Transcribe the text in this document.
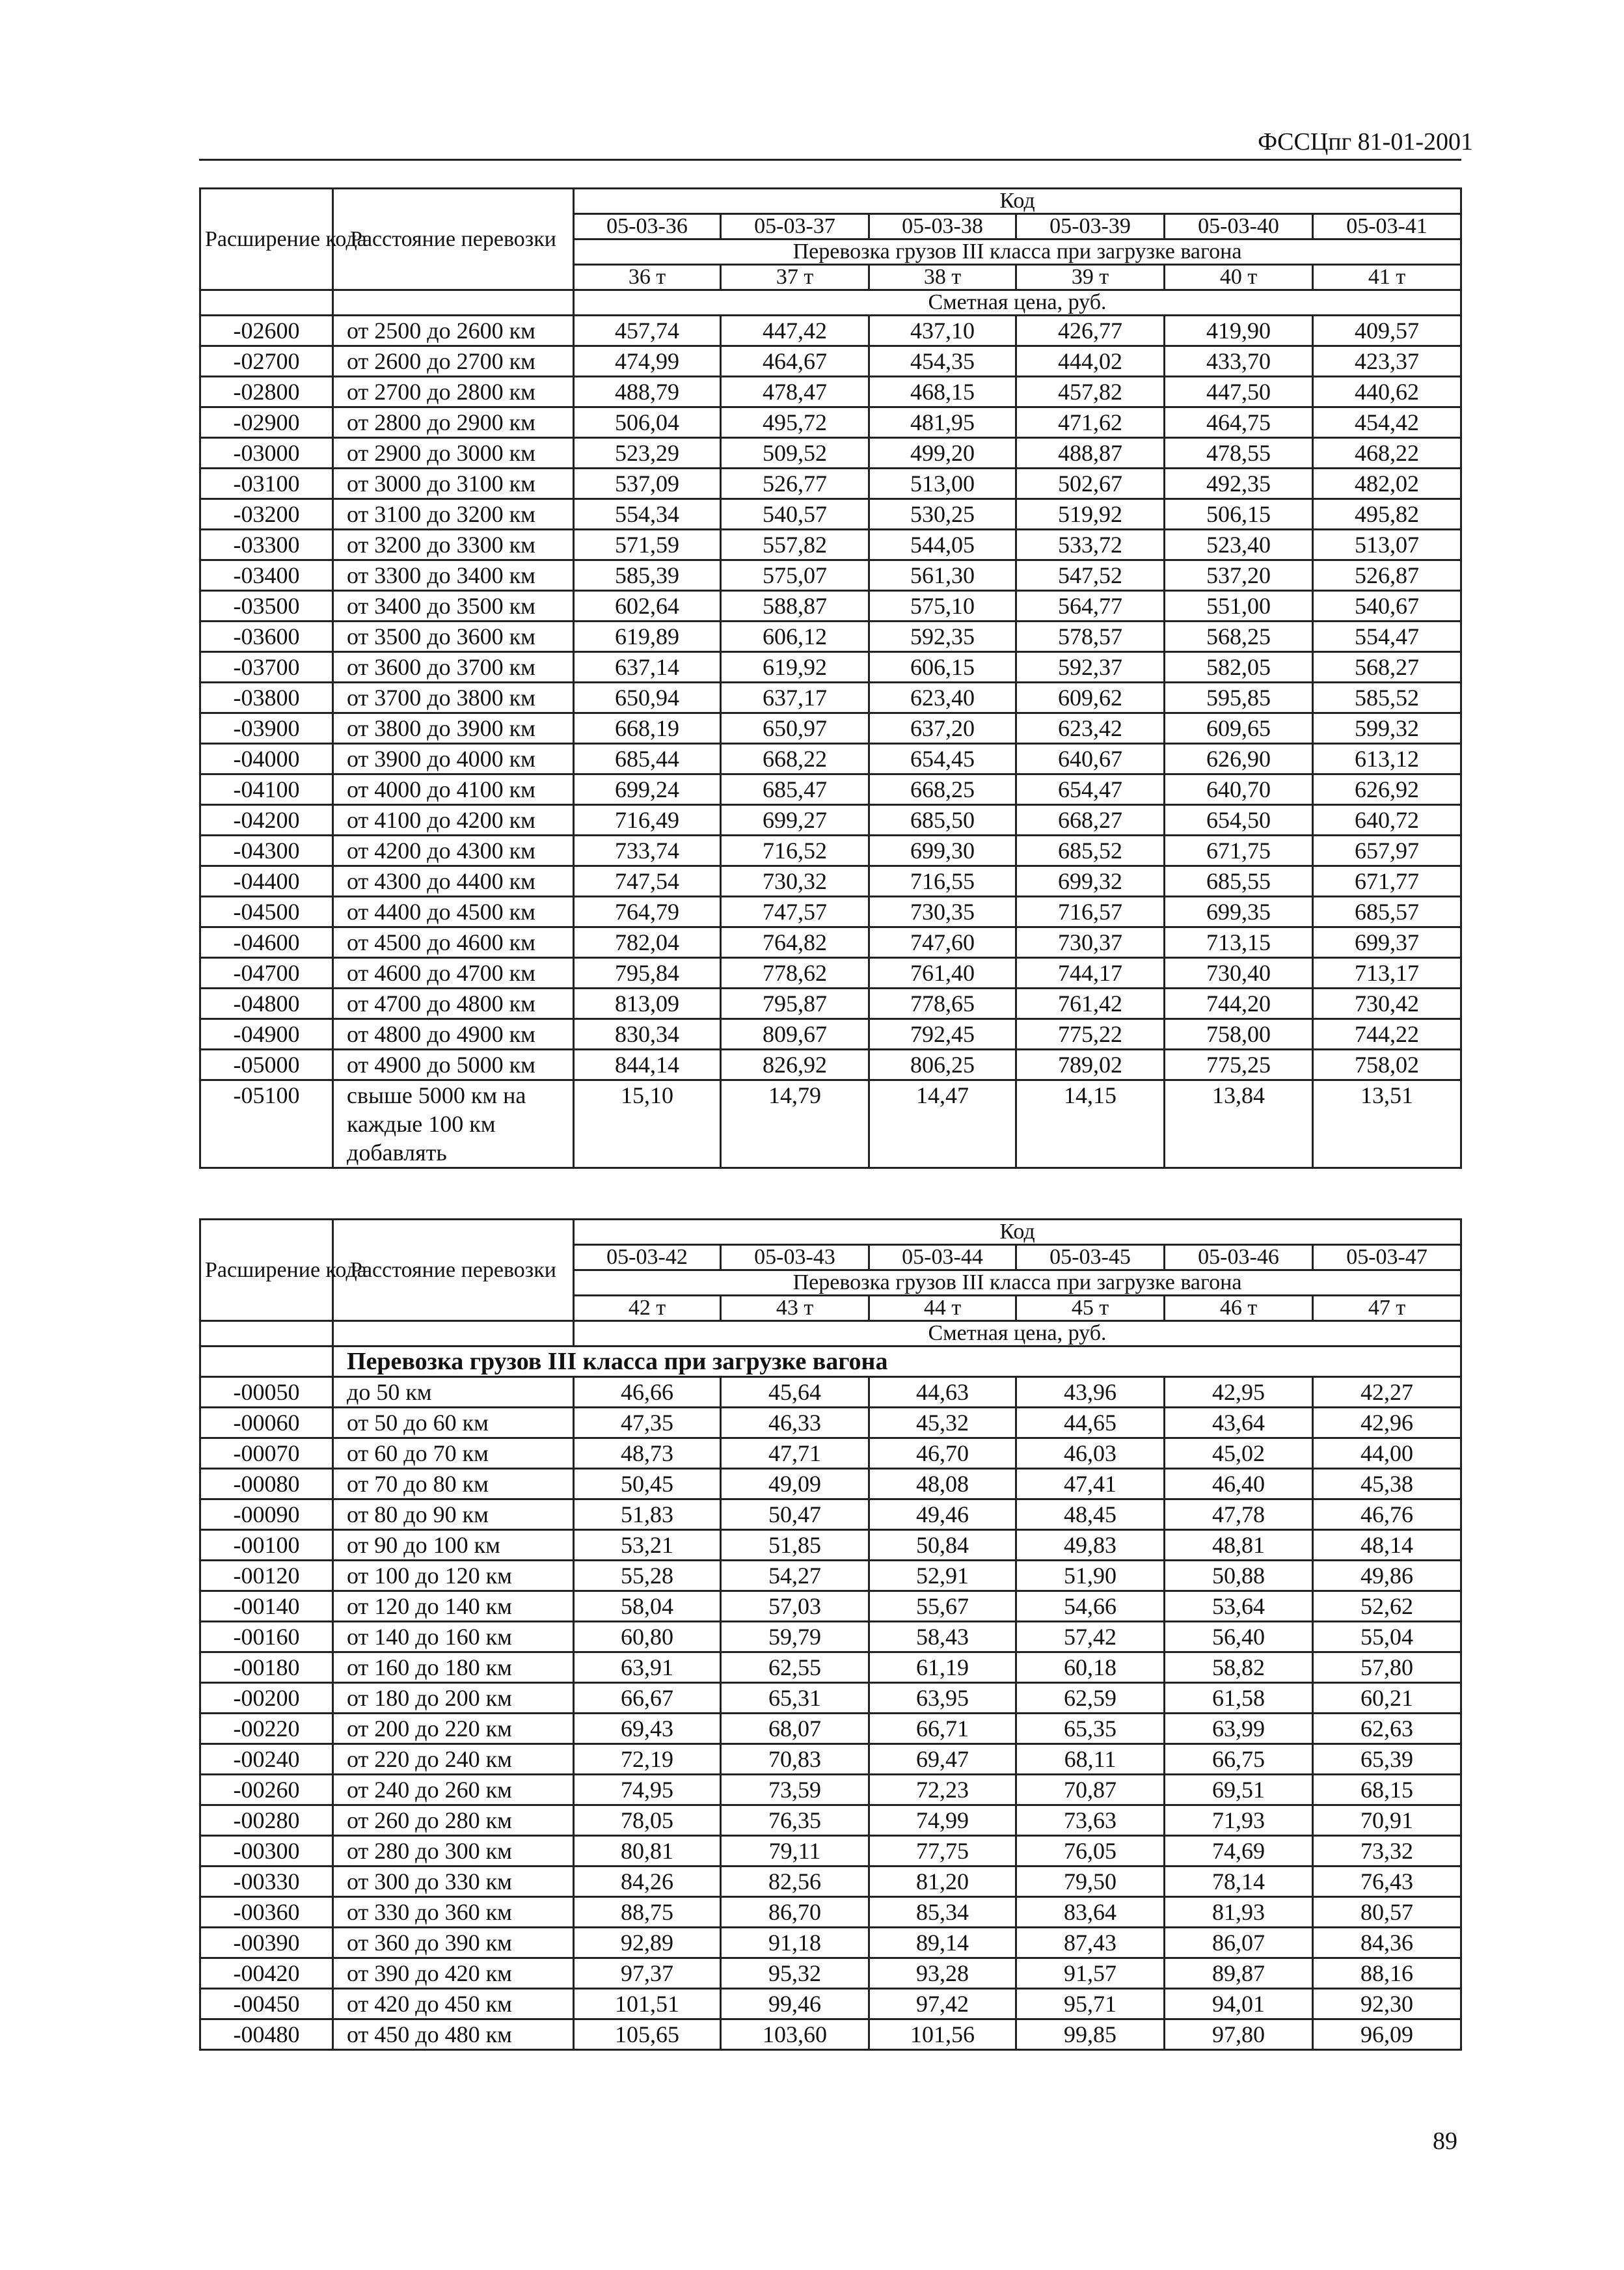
ФССЦпг 81-01-2001
Расширение кода	Расстояние перевозки	Код					
		05-03-36	05-03-37	05-03-38	05-03-39	05-03-40	05-03-41
		Перевозка грузов III класса при загрузке вагона					
		36 т	37 т	38 т	39 т	40 т	41 т
		Сметная цена, руб.					
-02600	от 2500 до 2600 км	457,74	447,42	437,10	426,77	419,90	409,57
-02700	от 2600 до 2700 км	474,99	464,67	454,35	444,02	433,70	423,37
-02800	от 2700 до 2800 км	488,79	478,47	468,15	457,82	447,50	440,62
-02900	от 2800 до 2900 км	506,04	495,72	481,95	471,62	464,75	454,42
-03000	от 2900 до 3000 км	523,29	509,52	499,20	488,87	478,55	468,22
-03100	от 3000 до 3100 км	537,09	526,77	513,00	502,67	492,35	482,02
-03200	от 3100 до 3200 км	554,34	540,57	530,25	519,92	506,15	495,82
-03300	от 3200 до 3300 км	571,59	557,82	544,05	533,72	523,40	513,07
-03400	от 3300 до 3400 км	585,39	575,07	561,30	547,52	537,20	526,87
-03500	от 3400 до 3500 км	602,64	588,87	575,10	564,77	551,00	540,67
-03600	от 3500 до 3600 км	619,89	606,12	592,35	578,57	568,25	554,47
-03700	от 3600 до 3700 км	637,14	619,92	606,15	592,37	582,05	568,27
-03800	от 3700 до 3800 км	650,94	637,17	623,40	609,62	595,85	585,52
-03900	от 3800 до 3900 км	668,19	650,97	637,20	623,42	609,65	599,32
-04000	от 3900 до 4000 км	685,44	668,22	654,45	640,67	626,90	613,12
-04100	от 4000 до 4100 км	699,24	685,47	668,25	654,47	640,70	626,92
-04200	от 4100 до 4200 км	716,49	699,27	685,50	668,27	654,50	640,72
-04300	от 4200 до 4300 км	733,74	716,52	699,30	685,52	671,75	657,97
-04400	от 4300 до 4400 км	747,54	730,32	716,55	699,32	685,55	671,77
-04500	от 4400 до 4500 км	764,79	747,57	730,35	716,57	699,35	685,57
-04600	от 4500 до 4600 км	782,04	764,82	747,60	730,37	713,15	699,37
-04700	от 4600 до 4700 км	795,84	778,62	761,40	744,17	730,40	713,17
-04800	от 4700 до 4800 км	813,09	795,87	778,65	761,42	744,20	730,42
-04900	от 4800 до 4900 км	830,34	809,67	792,45	775,22	758,00	744,22
-05000	от 4900 до 5000 км	844,14	826,92	806,25	789,02	775,25	758,02
-05100	свыше 5000 км на каждые 100 км добавлять	15,10	14,79	14,47	14,15	13,84	13,51
Расширение кода	Расстояние перевозки	Код					
		05-03-42	05-03-43	05-03-44	05-03-45	05-03-46	05-03-47
		Перевозка грузов III класса при загрузке вагона					
		42 т	43 т	44 т	45 т	46 т	47 т
		Сметная цена, руб.					
	Перевозка грузов III класса при загрузке вагона						
-00050	до 50 км	46,66	45,64	44,63	43,96	42,95	42,27
-00060	от 50 до 60 км	47,35	46,33	45,32	44,65	43,64	42,96
-00070	от 60 до 70 км	48,73	47,71	46,70	46,03	45,02	44,00
-00080	от 70 до 80 км	50,45	49,09	48,08	47,41	46,40	45,38
-00090	от 80 до 90 км	51,83	50,47	49,46	48,45	47,78	46,76
-00100	от 90 до 100 км	53,21	51,85	50,84	49,83	48,81	48,14
-00120	от 100 до 120 км	55,28	54,27	52,91	51,90	50,88	49,86
-00140	от 120 до 140 км	58,04	57,03	55,67	54,66	53,64	52,62
-00160	от 140 до 160 км	60,80	59,79	58,43	57,42	56,40	55,04
-00180	от 160 до 180 км	63,91	62,55	61,19	60,18	58,82	57,80
-00200	от 180 до 200 км	66,67	65,31	63,95	62,59	61,58	60,21
-00220	от 200 до 220 км	69,43	68,07	66,71	65,35	63,99	62,63
-00240	от 220 до 240 км	72,19	70,83	69,47	68,11	66,75	65,39
-00260	от 240 до 260 км	74,95	73,59	72,23	70,87	69,51	68,15
-00280	от 260 до 280 км	78,05	76,35	74,99	73,63	71,93	70,91
-00300	от 280 до 300 км	80,81	79,11	77,75	76,05	74,69	73,32
-00330	от 300 до 330 км	84,26	82,56	81,20	79,50	78,14	76,43
-00360	от 330 до 360 км	88,75	86,70	85,34	83,64	81,93	80,57
-00390	от 360 до 390 км	92,89	91,18	89,14	87,43	86,07	84,36
-00420	от 390 до 420 км	97,37	95,32	93,28	91,57	89,87	88,16
-00450	от 420 до 450 км	101,51	99,46	97,42	95,71	94,01	92,30
-00480	от 450 до 480 км	105,65	103,60	101,56	99,85	97,80	96,09
89
